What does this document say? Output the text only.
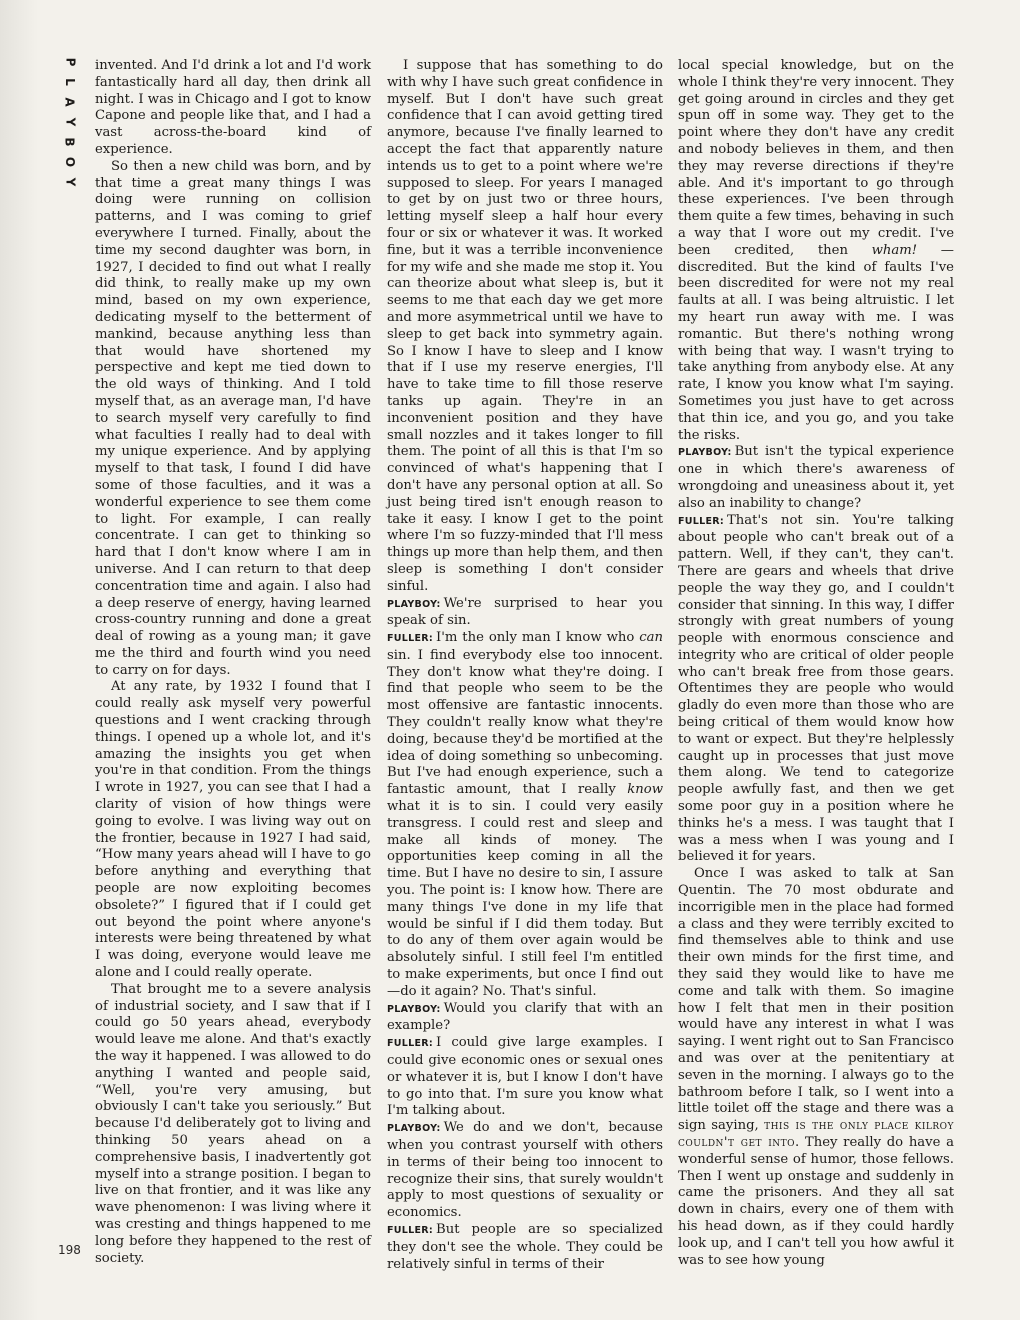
P
L
A
Y
B
O
Y
198

invented. And I'd drink a lot and I'd work fantastically hard all day, then drink all night. I was in Chicago and I got to know Capone and people like that, and I had a vast across-the-board kind of experience.

So then a new child was born, and by that time a great many things I was doing were running on collision patterns, and I was coming to grief everywhere I turned. Finally, about the time my second daughter was born, in 1927, I decided to find out what I really did think, to really make up my own mind, based on my own experience, dedicating myself to the betterment of mankind, because anything less than that would have shortened my perspective and kept me tied down to the old ways of thinking. And I told myself that, as an average man, I'd have to search myself very carefully to find what faculties I really had to deal with my unique experience. And by applying myself to that task, I found I did have some of those faculties, and it was a wonderful experience to see them come to light. For example, I can really concentrate. I can get to thinking so hard that I don't know where I am in universe. And I can return to that deep concentration time and again. I also had a deep reserve of energy, having learned cross-country running and done a great deal of rowing as a young man; it gave me the third and fourth wind you need to carry on for days.

At any rate, by 1932 I found that I could really ask myself very powerful questions and I went cracking through things. I opened up a whole lot, and it's amazing the insights you get when you're in that condition. From the things I wrote in 1927, you can see that I had a clarity of vision of how things were going to evolve. I was living way out on the frontier, because in 1927 I had said, “How many years ahead will I have to go before anything and everything that people are now exploiting becomes obsolete?” I figured that if I could get out beyond the point where anyone's interests were being threatened by what I was doing, everyone would leave me alone and I could really operate.

That brought me to a severe analysis of industrial society, and I saw that if I could go 50 years ahead, everybody would leave me alone. And that's exactly the way it happened. I was allowed to do anything I wanted and people said, “Well, you're very amusing, but obviously I can't take you seriously.” But because I'd deliberately got to living and thinking 50 years ahead on a comprehensive basis, I inadvertently got myself into a strange position. I began to live on that frontier, and it was like any wave phenomenon: I was living where it was cresting and things happened to me long before they happened to the rest of society.

I suppose that has something to do with why I have such great confidence in myself. But I don't have such great confidence that I can avoid getting tired anymore, because I've finally learned to accept the fact that apparently nature intends us to get to a point where we're supposed to sleep. For years I managed to get by on just two or three hours, letting myself sleep a half hour every four or six or whatever it was. It worked fine, but it was a terrible inconvenience for my wife and she made me stop it. You can theorize about what sleep is, but it seems to me that each day we get more and more asymmetrical until we have to sleep to get back into symmetry again. So I know I have to sleep and I know that if I use my reserve energies, I'll have to take time to fill those reserve tanks up again. They're in an inconvenient position and they have small nozzles and it takes longer to fill them. The point of all this is that I'm so convinced of what's happening that I don't have any personal option at all. So just being tired isn't enough reason to take it easy. I know I get to the point where I'm so fuzzy-minded that I'll mess things up more than help them, and then sleep is something I don't consider sinful.

PLAYBOY: We're surprised to hear you speak of sin.

FULLER: I'm the only man I know who can sin. I find everybody else too innocent. They don't know what they're doing. I find that people who seem to be the most offensive are fantastic innocents. They couldn't really know what they're doing, because they'd be mortified at the idea of doing something so unbecoming. But I've had enough experience, such a fantastic amount, that I really know what it is to sin. I could very easily transgress. I could rest and sleep and make all kinds of money. The opportunities keep coming in all the time. But I have no desire to sin, I assure you. The point is: I know how. There are many things I've done in my life that would be sinful if I did them today. But to do any of them over again would be absolutely sinful. I still feel I'm entitled to make experiments, but once I find out—do it again? No. That's sinful.

PLAYBOY: Would you clarify that with an example?

FULLER: I could give large examples. I could give economic ones or sexual ones or whatever it is, but I know I don't have to go into that. I'm sure you know what I'm talking about.

PLAYBOY: We do and we don't, because when you contrast yourself with others in terms of their being too innocent to recognize their sins, that surely wouldn't apply to most questions of sexuality or economics.

FULLER: But people are so specialized they don't see the whole. They could be relatively sinful in terms of their

local special knowledge, but on the whole I think they're very innocent. They get going around in circles and they get spun off in some way. They get to the point where they don't have any credit and nobody believes in them, and then they may reverse directions if they're able. And it's important to go through these experiences. I've been through them quite a few times, behaving in such a way that I wore out my credit. I've been credited, then wham! —discredited. But the kind of faults I've been discredited for were not my real faults at all. I was being altruistic. I let my heart run away with me. I was romantic. But there's nothing wrong with being that way. I wasn't trying to take anything from anybody else. At any rate, I know you know what I'm saying. Sometimes you just have to get across that thin ice, and you go, and you take the risks.

PLAYBOY: But isn't the typical experience one in which there's awareness of wrongdoing and uneasiness about it, yet also an inability to change?

FULLER: That's not sin. You're talking about people who can't break out of a pattern. Well, if they can't, they can't. There are gears and wheels that drive people the way they go, and I couldn't consider that sinning. In this way, I differ strongly with great numbers of young people with enormous conscience and integrity who are critical of older people who can't break free from those gears. Oftentimes they are people who would gladly do even more than those who are being critical of them would know how to want or expect. But they're helplessly caught up in processes that just move them along. We tend to categorize people awfully fast, and then we get some poor guy in a position where he thinks he's a mess. I was taught that I was a mess when I was young and I believed it for years.

Once I was asked to talk at San Quentin. The 70 most obdurate and incorrigible men in the place had formed a class and they were terribly excited to find themselves able to think and use their own minds for the first time, and they said they would like to have me come and talk with them. So imagine how I felt that men in their position would have any interest in what I was saying. I went right out to San Francisco and was over at the penitentiary at seven in the morning. I always go to the bathroom before I talk, so I went into a little toilet off the stage and there was a sign saying, this is the only place kilroy couldn't get into. They really do have a wonderful sense of humor, those fellows. Then I went up onstage and suddenly in came the prisoners. And they all sat down in chairs, every one of them with his head down, as if they could hardly look up, and I can't tell you how awful it was to see how young
